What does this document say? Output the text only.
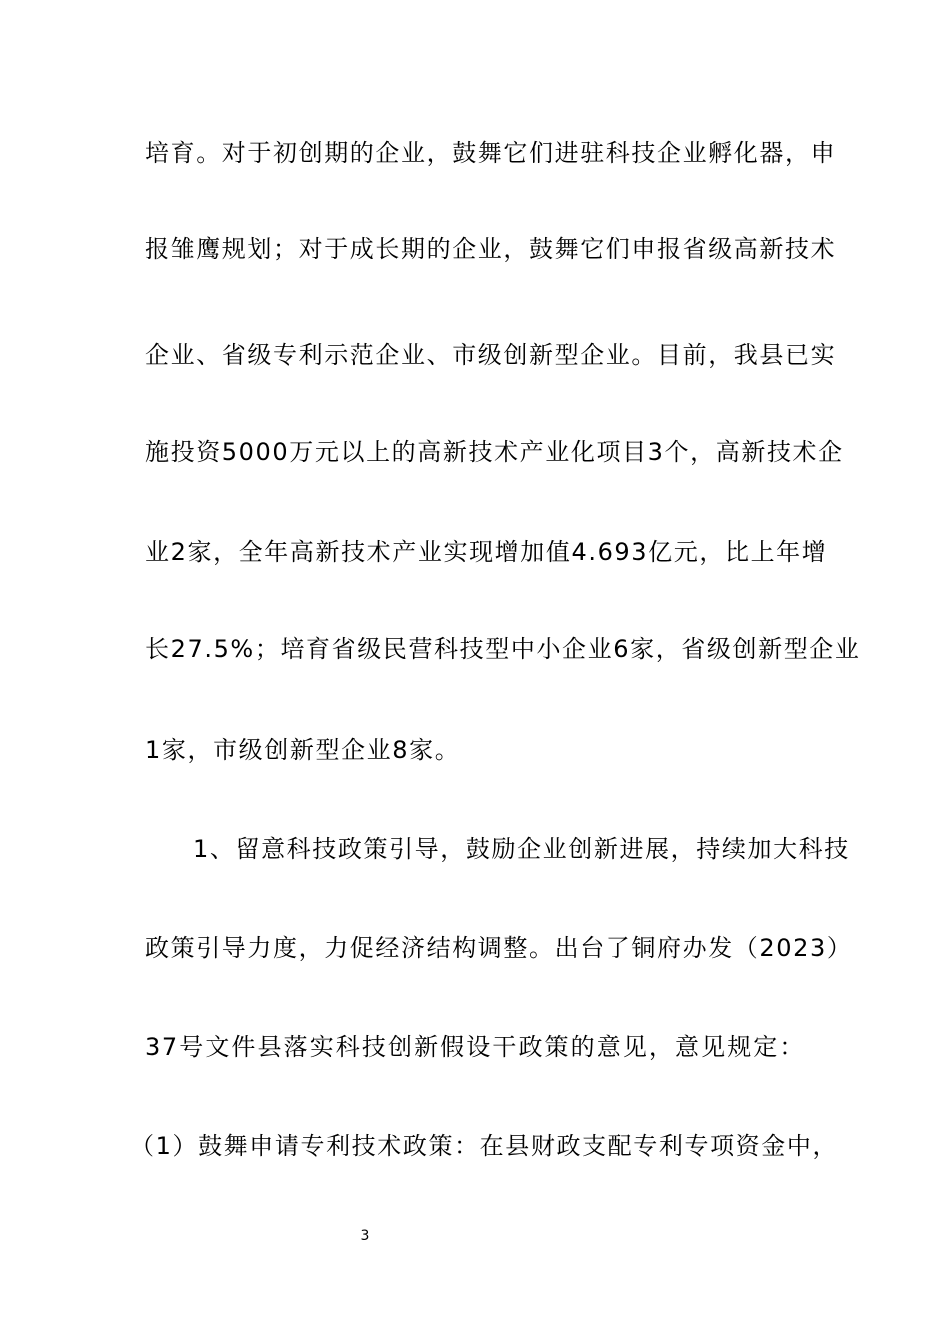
培育。对于初创期的企业，鼓舞它们进驻科技企业孵化器，申
报雏鹰规划；对于成长期的企业，鼓舞它们申报省级高新技术
企业、省级专利示范企业、市级创新型企业。目前，我县已实
施投资5000万元以上的高新技术产业化项目3个，高新技术企
业2家，全年高新技术产业实现增加值4.693亿元，比上年增
长27.5%；培育省级民营科技型中小企业6家，省级创新型企业
1家，市级创新型企业8家。
1、留意科技政策引导，鼓励企业创新进展，持续加大科技
政策引导力度，力促经济结构调整。出台了铜府办发（2023）
37号文件县落实科技创新假设干政策的意见，意见规定：
（1）鼓舞申请专利技术政策：在县财政支配专利专项资金中，
3
